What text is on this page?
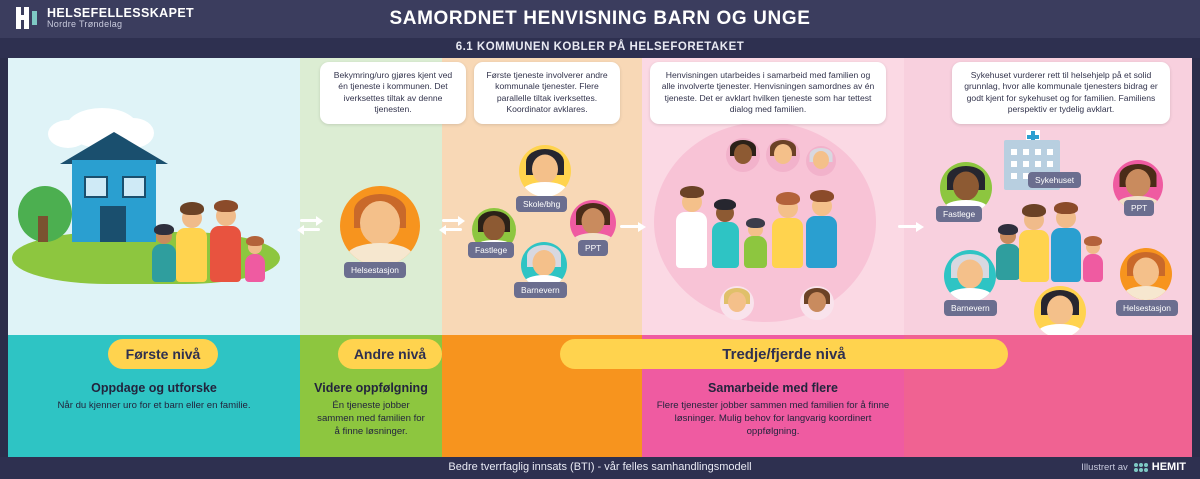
HELSEFELLESSKAPET
Nordre Trøndelag	SAMORDNET HENVISNING BARN OG UNGE
6.1 KOMMUNEN KOBLER PÅ HELSEFORETAKET
Helsestasjon
Skole/bhg
Fastlege	PPT
Barnevern
Sykehuset
Fastlege
PPT
Barnevern	Helsestasjon
Bekymring/uro gjøres kjent ved én tjeneste i kommunen. Det iverksettes tiltak av denne tjenesten.
Første tjeneste involverer andre kommunale tjenester. Flere parallelle tiltak iverksettes. Koordinator avklares.
Henvisningen utarbeides i samarbeid med familien og alle involverte tjenester. Henvisningen samordnes av én tjeneste. Det er avklart hvilken tjeneste som har tettest dialog med familien.
Sykehuset vurderer rett til helsehjelp på et solid grunnlag, hvor alle kommunale tjenesters bidrag er godt kjent for sykehuset og for familien. Familiens perspektiv er tydelig avklart.
Første nivå	Andre nivå	Tredje/fjerde nivå
Oppdage og utforske

Når du kjenner uro for et barn eller en familie.

Videre oppfølgning

Én tjeneste jobber sammen med familien for å finne løsninger.

Samarbeide med flere

Flere tjenester jobber sammen med familien for å finne løsninger. Mulig behov for langvarig koordinert oppfølgning.

Bedre tverrfaglig innsats (BTI) - vår felles samhandlingsmodell	Illustrert av HEMIT
